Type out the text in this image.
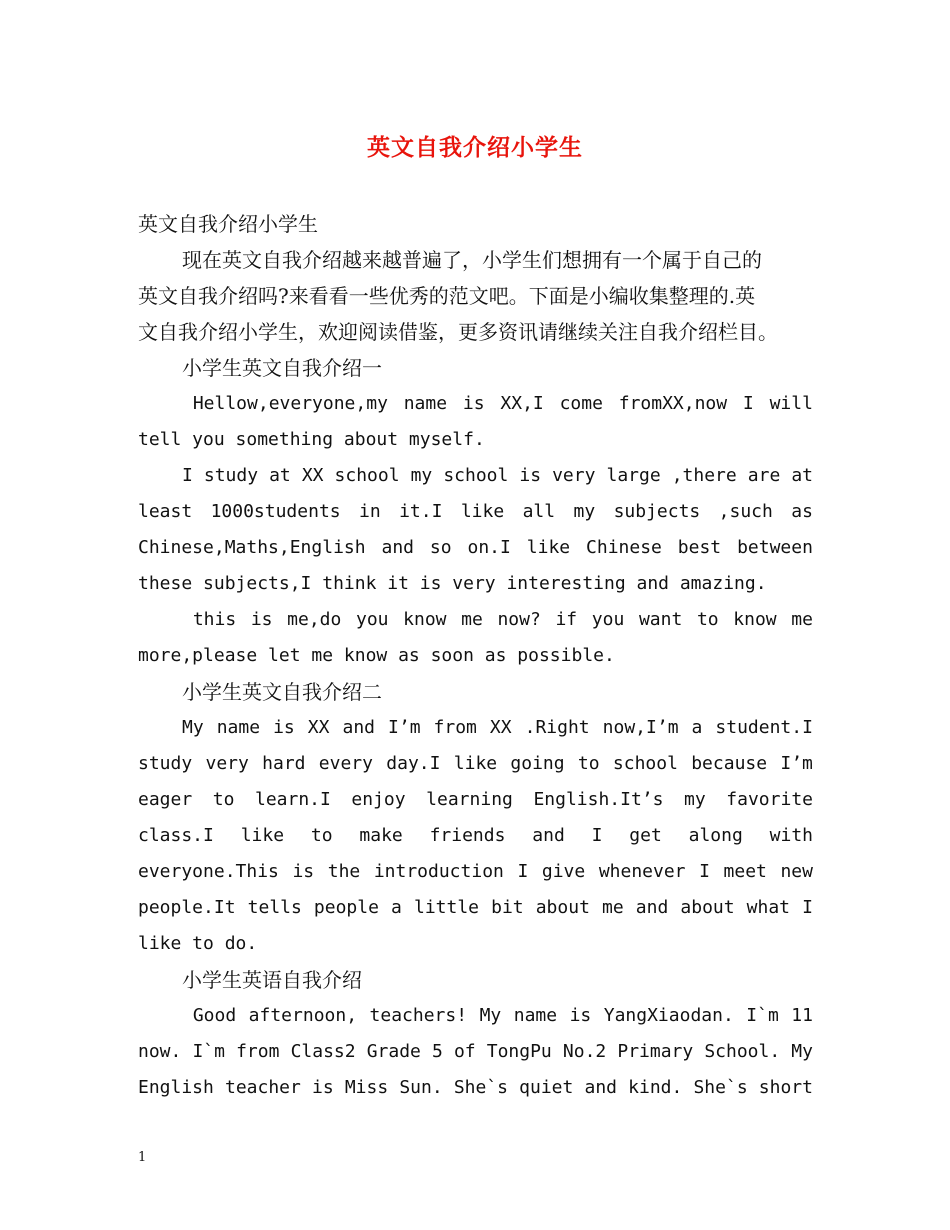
英文自我介绍小学生
英文自我介绍小学生
现在英文自我介绍越来越普遍了，小学生们想拥有一个属于自己的
英文自我介绍吗?来看看一些优秀的范文吧。下面是小编收集整理的.英
文自我介绍小学生，欢迎阅读借鉴，更多资讯请继续关注自我介绍栏目。
小学生英文自我介绍一
Hellow,everyone,my name is XX,I come fromXX,now I will
tell you something about myself.
I study at XX school my school is very large ,there are at
least 1000students in it.I like all my subjects ,such as
Chinese,Maths,English and so on.I like Chinese best between
these subjects,I think it is very interesting and amazing.
this is me,do you know me now? if you want to know me
more,please let me know as soon as possible.
小学生英文自我介绍二
My name is XX and I’m from XX .Right now,I’m a student.I
study very hard every day.I like going to school because I’m
eager to learn.I enjoy learning English.It’s my favorite
class.I like to make friends and I get along with
everyone.This is the introduction I give whenever I meet new
people.It tells people a little bit about me and about what I
like to do.
小学生英语自我介绍
Good afternoon, teachers! My name is YangXiaodan. I`m 11
now. I`m from Class2 Grade 5 of TongPu No.2 Primary School. My
English teacher is Miss Sun. She`s quiet and kind. She`s short
1
